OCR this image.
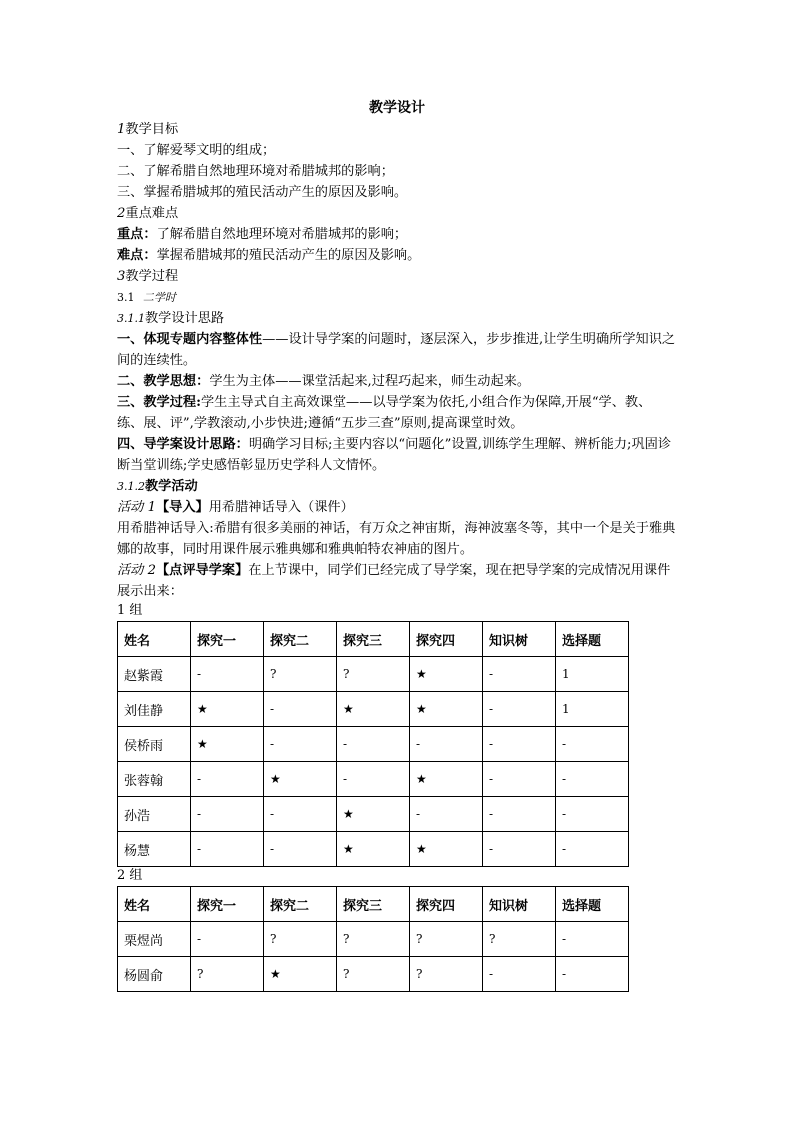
教学设计
1教学目标
一、了解爱琴文明的组成；
二、了解希腊自然地理环境对希腊城邦的影响；
三、掌握希腊城邦的殖民活动产生的原因及影响。
2重点难点
重点：了解希腊自然地理环境对希腊城邦的影响；
难点：掌握希腊城邦的殖民活动产生的原因及影响。
3教学过程
3.1 二学时
3.1.1教学设计思路
一、体现专题内容整体性——设计导学案的问题时，逐层深入，步步推进,让学生明确所学知识之间的连续性。
二、教学思想：学生为主体——课堂活起来,过程巧起来，师生动起来。
三、教学过程:学生主导式自主高效课堂——以导学案为依托,小组合作为保障,开展“学、教、练、展、评”,学教滚动,小步快进;遵循“五步三查”原则,提高课堂时效。
四、导学案设计思路：明确学习目标;主要内容以“问题化”设置,训练学生理解、辨析能力;巩固诊断当堂训练;学史感悟彰显历史学科人文情怀。
3.1.2教学活动
活动 1【导入】用希腊神话导入（课件）
用希腊神话导入:希腊有很多美丽的神话，有万众之神宙斯，海神波塞冬等，其中一个是关于雅典娜的故事，同时用课件展示雅典娜和雅典帕特农神庙的图片。
活动 2【点评导学案】在上节课中，同学们已经完成了导学案，现在把导学案的完成情况用课件展示出来：
1 组
姓名	探究一	探究二	探究三	探究四	知识树	选择题
赵紫霞	-	?	?	★	-	1
刘佳静	★	-	★	★	-	1
侯桥雨	★	-	-	-	-	-
张蓉翰	-	★	-	★	-	-
孙浩	-	-	★	-	-	-
杨慧	-	-	★	★	-	-
2 组
姓名	探究一	探究二	探究三	探究四	知识树	选择题
栗煜尚	-	?	?	?	?	-
杨圆俞	?	★	?	?	-	-
